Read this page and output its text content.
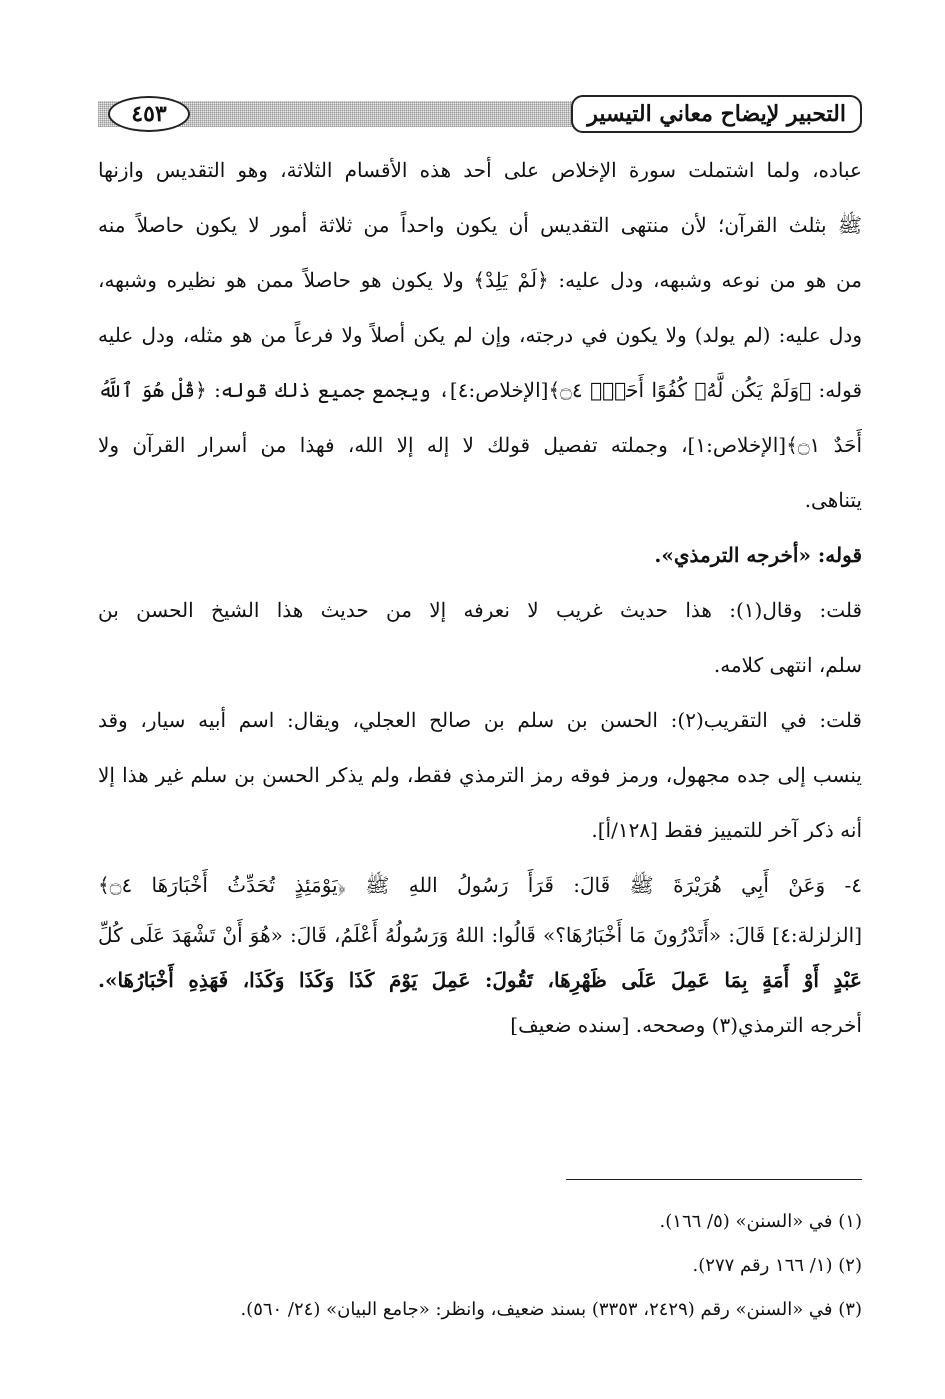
التحبير لإيضاح معاني التيسير
٤٥٣
عباده، ولما اشتملت سورة الإخلاص على أحد هذه الأقسام الثلاثة، وهو التقديس وازنها
ﷺ بثلث القرآن؛ لأن منتهى التقديس أن يكون واحداً من ثلاثة أمور لا يكون حاصلاً منه
من هو من نوعه وشبهه، ودل عليه: ﴿لَمْ يَلِدْ﴾ ولا يكون هو حاصلاً ممن هو نظيره وشبهه،
ودل عليه: (لم يولد) ولا يكون في درجته، وإن لم يكن أصلاً ولا فرعاً من هو مثله، ودل عليه
قوله: ﴿وَلَمْ يَكُن لَّهُۥ كُفُوًا أَحَدٌۢ ۝٤﴾[الإخلاص:٤]، ويجمع جميع ذلك قوله: ﴿قُلْ هُوَ ٱللَّهُ
أَحَدٌ ۝١﴾[الإخلاص:١]، وجملته تفصيل قولك لا إله إلا الله، فهذا من أسرار القرآن ولا
يتناهى.
قوله: «أخرجه الترمذي».
قلت: وقال(١): هذا حديث غريب لا نعرفه إلا من حديث هذا الشيخ الحسن بن
سلم، انتهى كلامه.
قلت: في التقريب(٢): الحسن بن سلم بن صالح العجلي، ويقال: اسم أبيه سيار، وقد
ينسب إلى جده مجهول، ورمز فوقه رمز الترمذي فقط، ولم يذكر الحسن بن سلم غير هذا إلا
أنه ذكر آخر للتمييز فقط [١٢٨/أ].
٤- وَعَنْ أَبِي هُرَيْرَةَ ﷺ قَالَ: قَرَأَ رَسُولُ اللهِ ﷺ ﴿يَوْمَئِذٍ تُحَدِّثُ أَخْبَارَهَا ۝٤﴾
[الزلزلة:٤] قَالَ: «أَتَدْرُونَ مَا أَخْبَارُهَا؟» قَالُوا: اللهُ وَرَسُولُهُ أَعْلَمُ، قَالَ: «هُوَ أَنْ تَشْهَدَ عَلَى كُلِّ
عَبْدٍ أَوْ أَمَةٍ بِمَا عَمِلَ عَلَى ظَهْرِهَا، تَقُولَ: عَمِلَ يَوْمَ كَذَا وَكَذَا وَكَذَا، فَهَذِهِ أَخْبَارُهَا».
أخرجه الترمذي(٣) وصححه. [سنده ضعيف]
(١) في «السنن» (٥/ ١٦٦).
(٢) (١/ ١٦٦ رقم ٢٧٧).
(٣) في «السنن» رقم (٢٤٢٩، ٣٣٥٣) بسند ضعيف، وانظر: «جامع البيان» (٢٤/ ٥٦٠).
